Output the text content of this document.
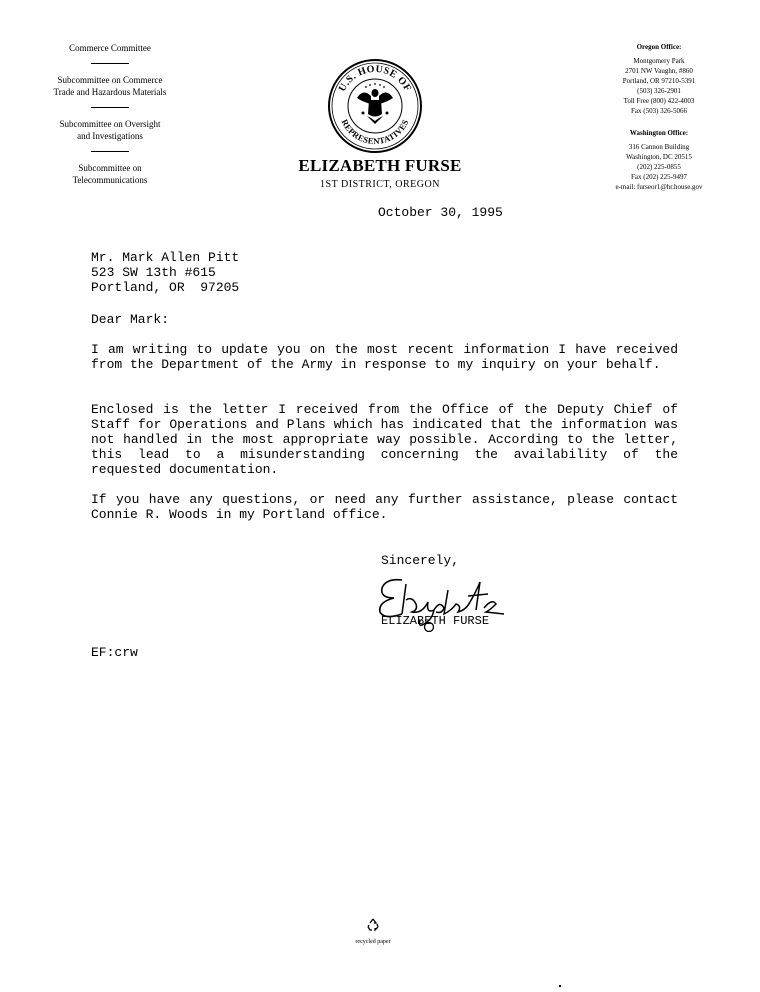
Commerce Committee

Subcommittee on Commerce
Trade and Hazardous Materials

Subcommittee on Oversight
and Investigations

Subcommittee on
Telecommunications

U.S. HOUSE OF
REPRESENTATIVES
ELIZABETH FURSE
1ST DISTRICT, OREGON
Oregon Office:
Montgomery Park
2701 NW Vaughn, #860
Portland, OR 97210-5391
(503) 326-2901
Toll Free (800) 422-4003
Fax (503) 326-5066
Washington Office:
316 Cannon Building
Washington, DC 20515
(202) 225-0855
Fax (202) 225-9497
e-mail: furseor1@hr.house.gov
October 30, 1995
Mr. Mark Allen Pitt
523 SW 13th #615
Portland, OR  97205
Dear Mark:
I am writing to update you on the most recent information I have received from the Department of the Army in response to my inquiry on your behalf.
Enclosed is the letter I received from the Office of the Deputy Chief of Staff for Operations and Plans which has indicated that the information was not handled in the most appropriate way possible. According to the letter, this lead to a misunderstanding concerning the availability of the requested documentation.
If you have any questions, or need any further assistance, please contact Connie R. Woods in my Portland office.
Sincerely,
ELIZABETH FURSE
EF:crw
recycled paper
